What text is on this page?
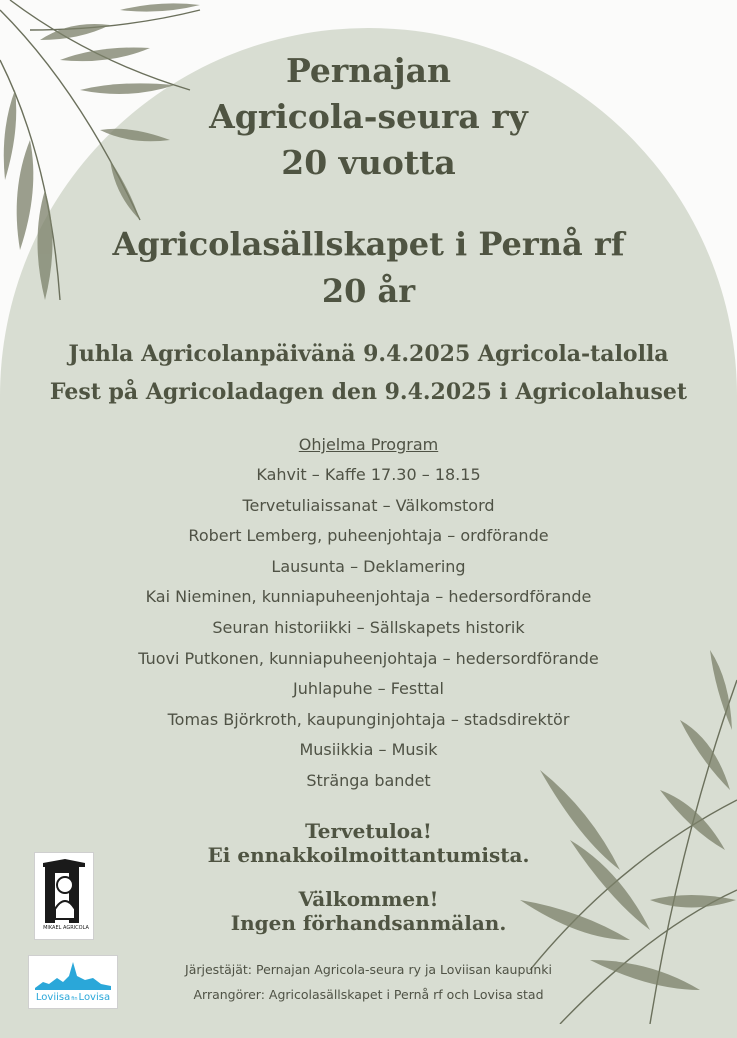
Pernajan
Agricola-seura ry
20 vuotta
Agricolasällskapet i Pernå rf
20 år
Juhla Agricolanpäivänä 9.4.2025 Agricola-talolla
Fest på Agricoladagen den 9.4.2025 i Agricolahuset
Ohjelma Program
Kahvit – Kaffe 17.30 – 18.15
Tervetuliaissanat – Välkomstord
Robert Lemberg, puheenjohtaja – ordförande
Lausunta – Deklamering
Kai Nieminen, kunniapuheenjohtaja – hedersordförande
Seuran historiikki – Sällskapets historik
Tuovi Putkonen, kunniapuheenjohtaja – hedersordförande
Juhlapuhe – Festtal
Tomas Björkroth, kaupunginjohtaja – stadsdirektör
Musiikkia – Musik
Stränga bandet
Tervetuloa!
Ei ennakkoilmoittantumista.
Välkommen!
Ingen förhandsanmälan.
Järjestäjät: Pernajan Agricola-seura ry ja Loviisan kaupunki
Arrangörer: Agricolasällskapet i Pernå rf och Lovisa stad
MIKAEL AGRICOLA
LoviisafinLovisa
